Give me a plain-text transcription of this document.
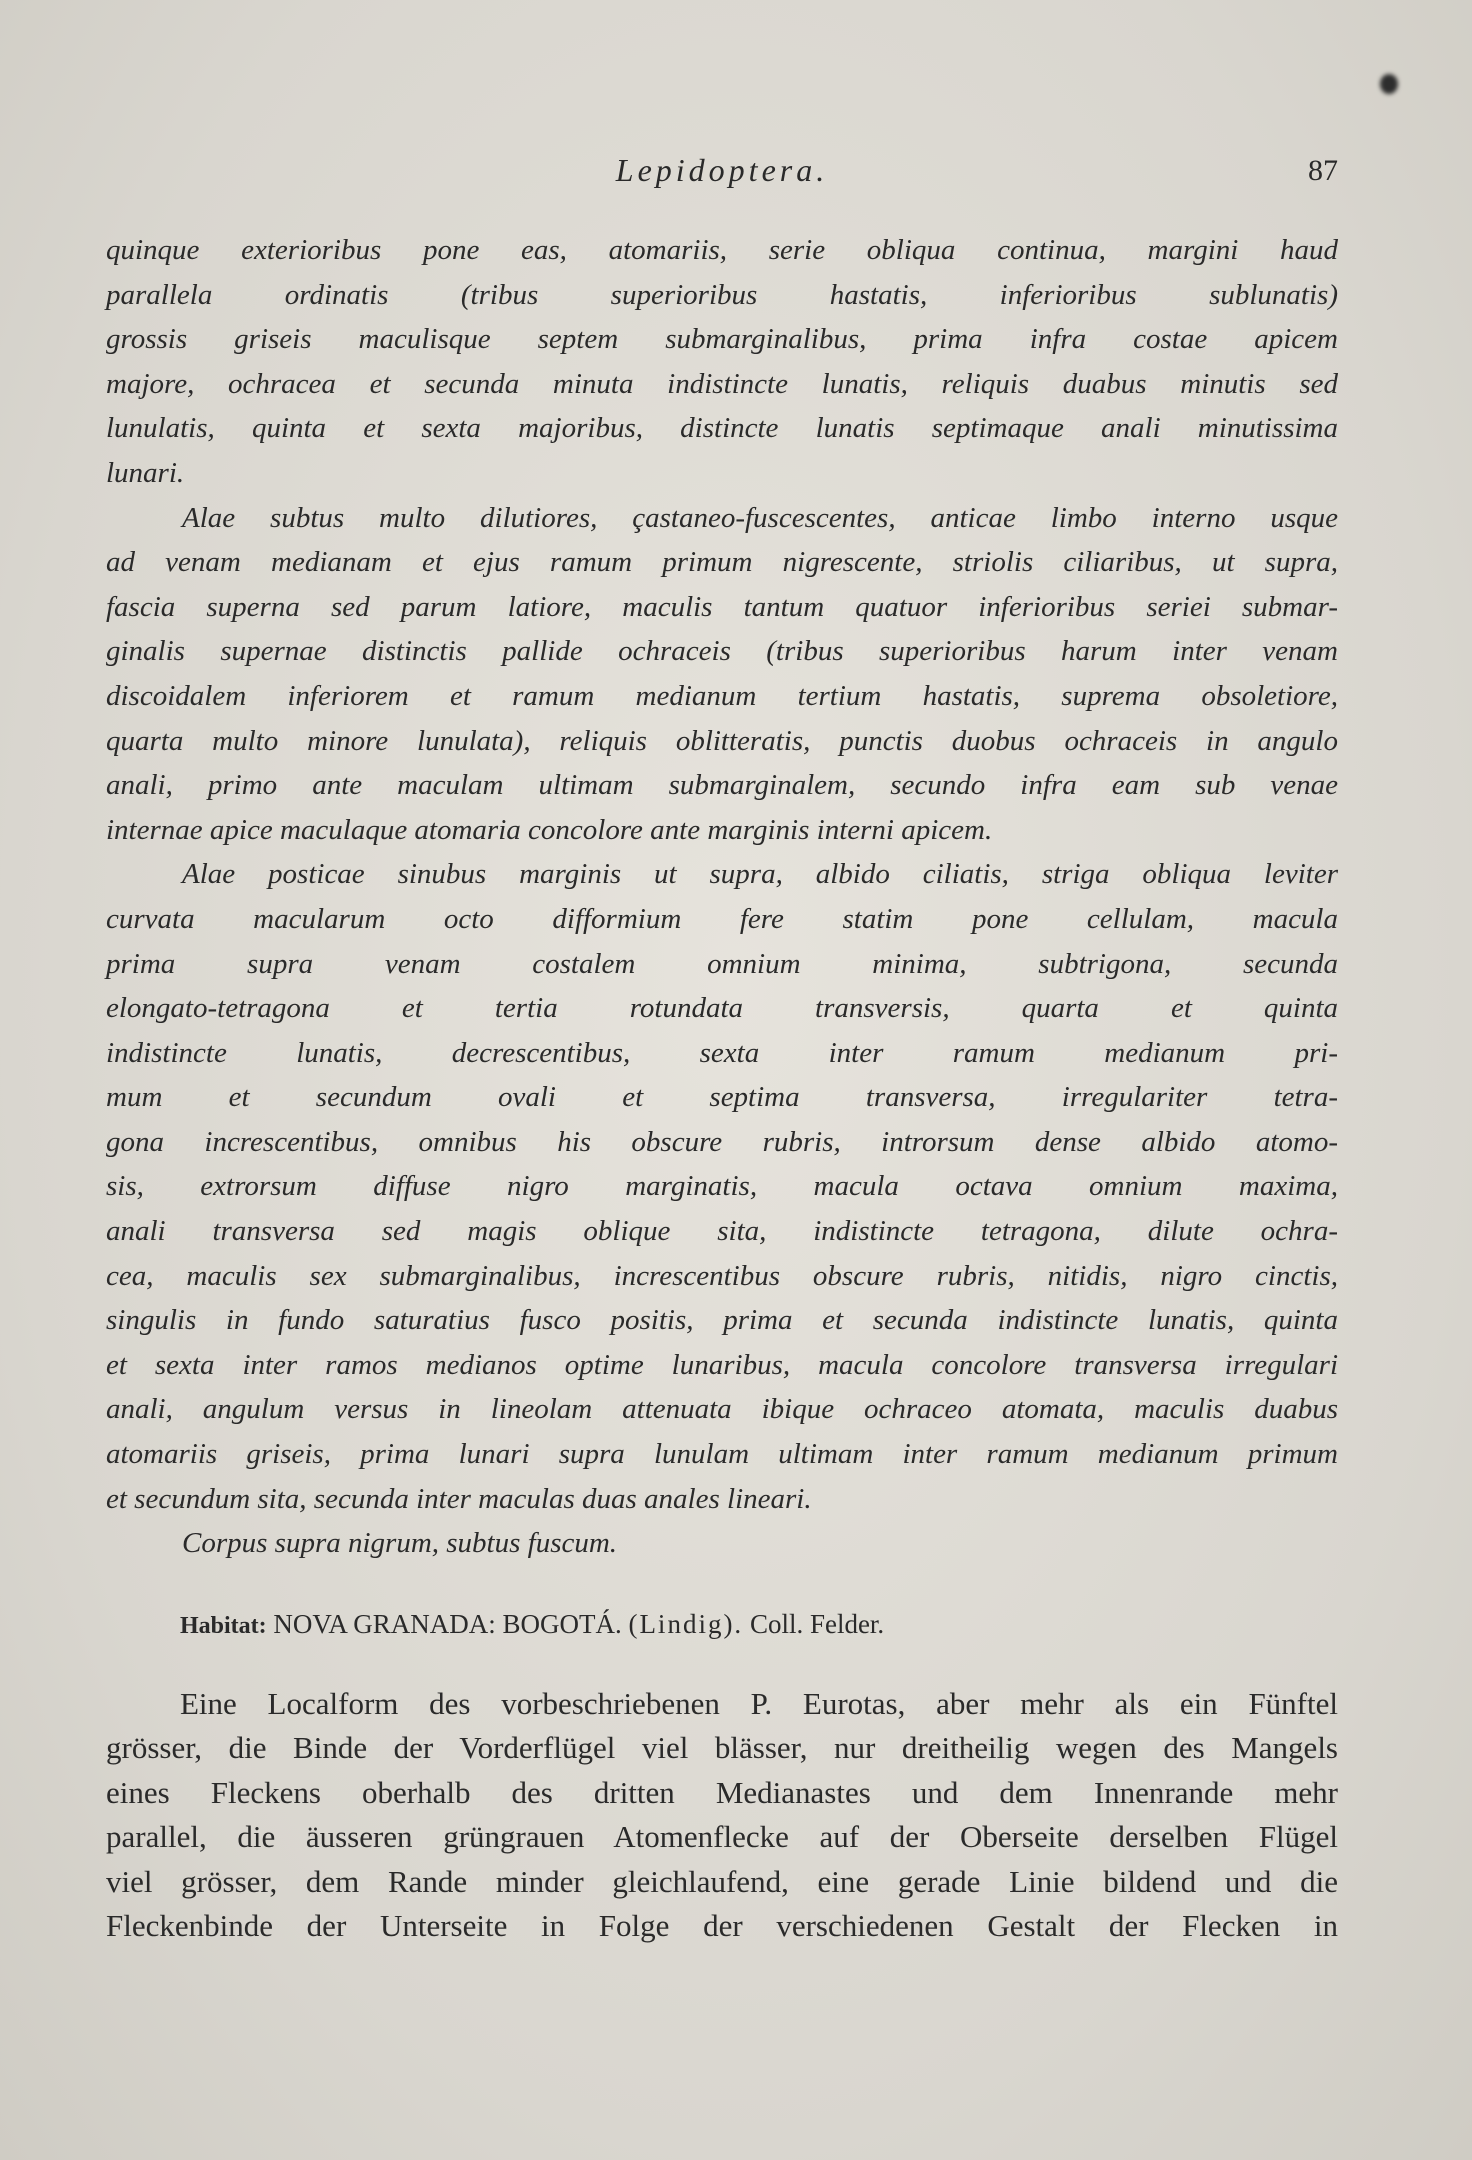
Lepidoptera.	87
quinque exterioribus pone eas, atomariis, serie obliqua continua, margini haud
parallela ordinatis (tribus superioribus hastatis, inferioribus sublunatis)
grossis griseis maculisque septem submarginalibus, prima infra costae apicem
majore, ochracea et secunda minuta indistincte lunatis, reliquis duabus minutis sed
lunulatis, quinta et sexta majoribus, distincte lunatis septimaque anali minutissima
lunari.
Alae subtus multo dilutiores, çastaneo-fuscescentes, anticae limbo interno usque
ad venam medianam et ejus ramum primum nigrescente, striolis ciliaribus, ut supra,
fascia superna sed parum latiore, maculis tantum quatuor inferioribus seriei submar-
ginalis supernae distinctis pallide ochraceis (tribus superioribus harum inter venam
discoidalem inferiorem et ramum medianum tertium hastatis, suprema obsoletiore,
quarta multo minore lunulata), reliquis oblitteratis, punctis duobus ochraceis in angulo
anali, primo ante maculam ultimam submarginalem, secundo infra eam sub venae
internae apice maculaque atomaria concolore ante marginis interni apicem.
Alae posticae sinubus marginis ut supra, albido ciliatis, striga obliqua leviter
curvata macularum octo difformium fere statim pone cellulam, macula
prima supra venam costalem omnium minima, subtrigona, secunda
elongato-tetragona et tertia rotundata transversis, quarta et quinta
indistincte lunatis, decrescentibus, sexta inter ramum medianum pri-
mum et secundum ovali et septima transversa, irregulariter tetra-
gona increscentibus, omnibus his obscure rubris, introrsum dense albido atomo-
sis, extrorsum diffuse nigro marginatis, macula octava omnium maxima,
anali transversa sed magis oblique sita, indistincte tetragona, dilute ochra-
cea, maculis sex submarginalibus, increscentibus obscure rubris, nitidis, nigro cinctis,
singulis in fundo saturatius fusco positis, prima et secunda indistincte lunatis, quinta
et sexta inter ramos medianos optime lunaribus, macula concolore transversa irregulari
anali, angulum versus in lineolam attenuata ibique ochraceo atomata, maculis duabus
atomariis griseis, prima lunari supra lunulam ultimam inter ramum medianum primum
et secundum sita, secunda inter maculas duas anales lineari.
Corpus supra nigrum, subtus fuscum.
Habitat: NOVA GRANADA: BOGOTÁ. (Lindig). Coll. Felder.
Eine Localform des vorbeschriebenen P. Eurotas, aber mehr als ein Fünftel
grösser, die Binde der Vorderflügel viel blässer, nur dreitheilig wegen des Mangels
eines Fleckens oberhalb des dritten Medianastes und dem Innenrande mehr
parallel, die äusseren grüngrauen Atomenflecke auf der Oberseite derselben Flügel
viel grösser, dem Rande minder gleichlaufend, eine gerade Linie bildend und die
Fleckenbinde der Unterseite in Folge der verschiedenen Gestalt der Flecken in
